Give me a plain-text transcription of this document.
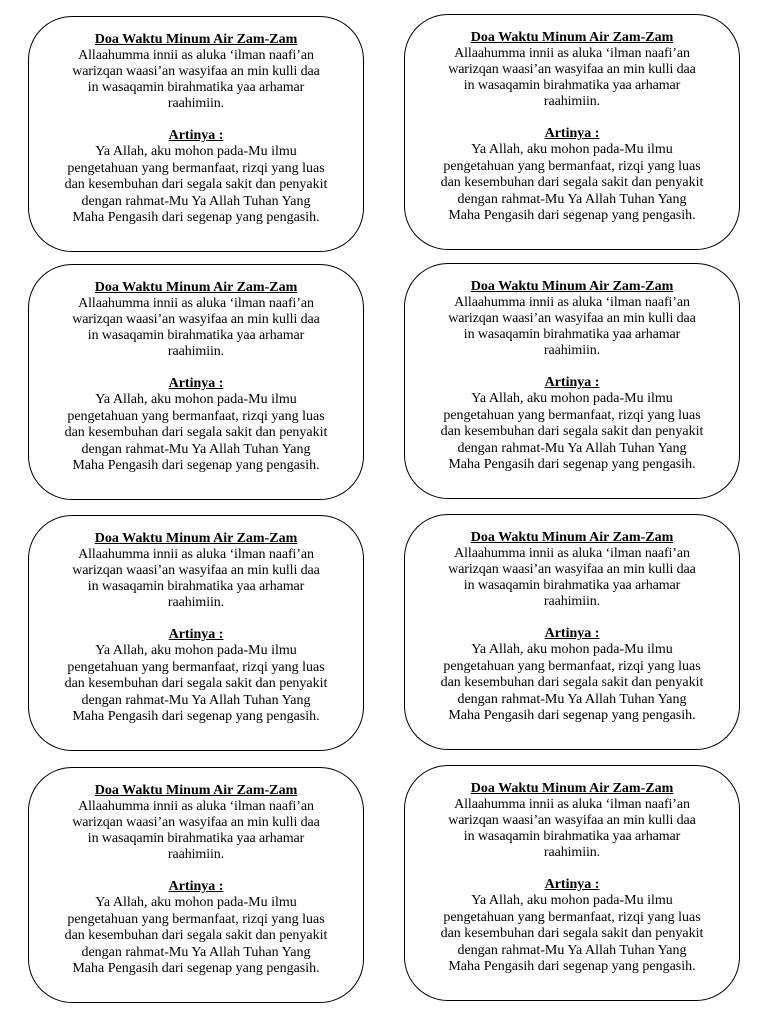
Doa Waktu Minum Air Zam-Zam
Allaahumma innii as aluka ‘ilman naafi’an
warizqan waasi’an wasyifaa an min kulli daa
in wasaqamin birahmatika yaa arhamar
raahimiin.
Artinya :
Ya Allah, aku mohon pada-Mu ilmu
pengetahuan yang bermanfaat, rizqi yang luas
dan kesembuhan dari segala sakit dan penyakit
dengan rahmat-Mu Ya Allah Tuhan Yang
Maha Pengasih dari segenap yang pengasih.
Doa Waktu Minum Air Zam-Zam
Allaahumma innii as aluka ‘ilman naafi’an
warizqan waasi’an wasyifaa an min kulli daa
in wasaqamin birahmatika yaa arhamar
raahimiin.
Artinya :
Ya Allah, aku mohon pada-Mu ilmu
pengetahuan yang bermanfaat, rizqi yang luas
dan kesembuhan dari segala sakit dan penyakit
dengan rahmat-Mu Ya Allah Tuhan Yang
Maha Pengasih dari segenap yang pengasih.
Doa Waktu Minum Air Zam-Zam
Allaahumma innii as aluka ‘ilman naafi’an
warizqan waasi’an wasyifaa an min kulli daa
in wasaqamin birahmatika yaa arhamar
raahimiin.
Artinya :
Ya Allah, aku mohon pada-Mu ilmu
pengetahuan yang bermanfaat, rizqi yang luas
dan kesembuhan dari segala sakit dan penyakit
dengan rahmat-Mu Ya Allah Tuhan Yang
Maha Pengasih dari segenap yang pengasih.
Doa Waktu Minum Air Zam-Zam
Allaahumma innii as aluka ‘ilman naafi’an
warizqan waasi’an wasyifaa an min kulli daa
in wasaqamin birahmatika yaa arhamar
raahimiin.
Artinya :
Ya Allah, aku mohon pada-Mu ilmu
pengetahuan yang bermanfaat, rizqi yang luas
dan kesembuhan dari segala sakit dan penyakit
dengan rahmat-Mu Ya Allah Tuhan Yang
Maha Pengasih dari segenap yang pengasih.
Doa Waktu Minum Air Zam-Zam
Allaahumma innii as aluka ‘ilman naafi’an
warizqan waasi’an wasyifaa an min kulli daa
in wasaqamin birahmatika yaa arhamar
raahimiin.
Artinya :
Ya Allah, aku mohon pada-Mu ilmu
pengetahuan yang bermanfaat, rizqi yang luas
dan kesembuhan dari segala sakit dan penyakit
dengan rahmat-Mu Ya Allah Tuhan Yang
Maha Pengasih dari segenap yang pengasih.
Doa Waktu Minum Air Zam-Zam
Allaahumma innii as aluka ‘ilman naafi’an
warizqan waasi’an wasyifaa an min kulli daa
in wasaqamin birahmatika yaa arhamar
raahimiin.
Artinya :
Ya Allah, aku mohon pada-Mu ilmu
pengetahuan yang bermanfaat, rizqi yang luas
dan kesembuhan dari segala sakit dan penyakit
dengan rahmat-Mu Ya Allah Tuhan Yang
Maha Pengasih dari segenap yang pengasih.
Doa Waktu Minum Air Zam-Zam
Allaahumma innii as aluka ‘ilman naafi’an
warizqan waasi’an wasyifaa an min kulli daa
in wasaqamin birahmatika yaa arhamar
raahimiin.
Artinya :
Ya Allah, aku mohon pada-Mu ilmu
pengetahuan yang bermanfaat, rizqi yang luas
dan kesembuhan dari segala sakit dan penyakit
dengan rahmat-Mu Ya Allah Tuhan Yang
Maha Pengasih dari segenap yang pengasih.
Doa Waktu Minum Air Zam-Zam
Allaahumma innii as aluka ‘ilman naafi’an
warizqan waasi’an wasyifaa an min kulli daa
in wasaqamin birahmatika yaa arhamar
raahimiin.
Artinya :
Ya Allah, aku mohon pada-Mu ilmu
pengetahuan yang bermanfaat, rizqi yang luas
dan kesembuhan dari segala sakit dan penyakit
dengan rahmat-Mu Ya Allah Tuhan Yang
Maha Pengasih dari segenap yang pengasih.
